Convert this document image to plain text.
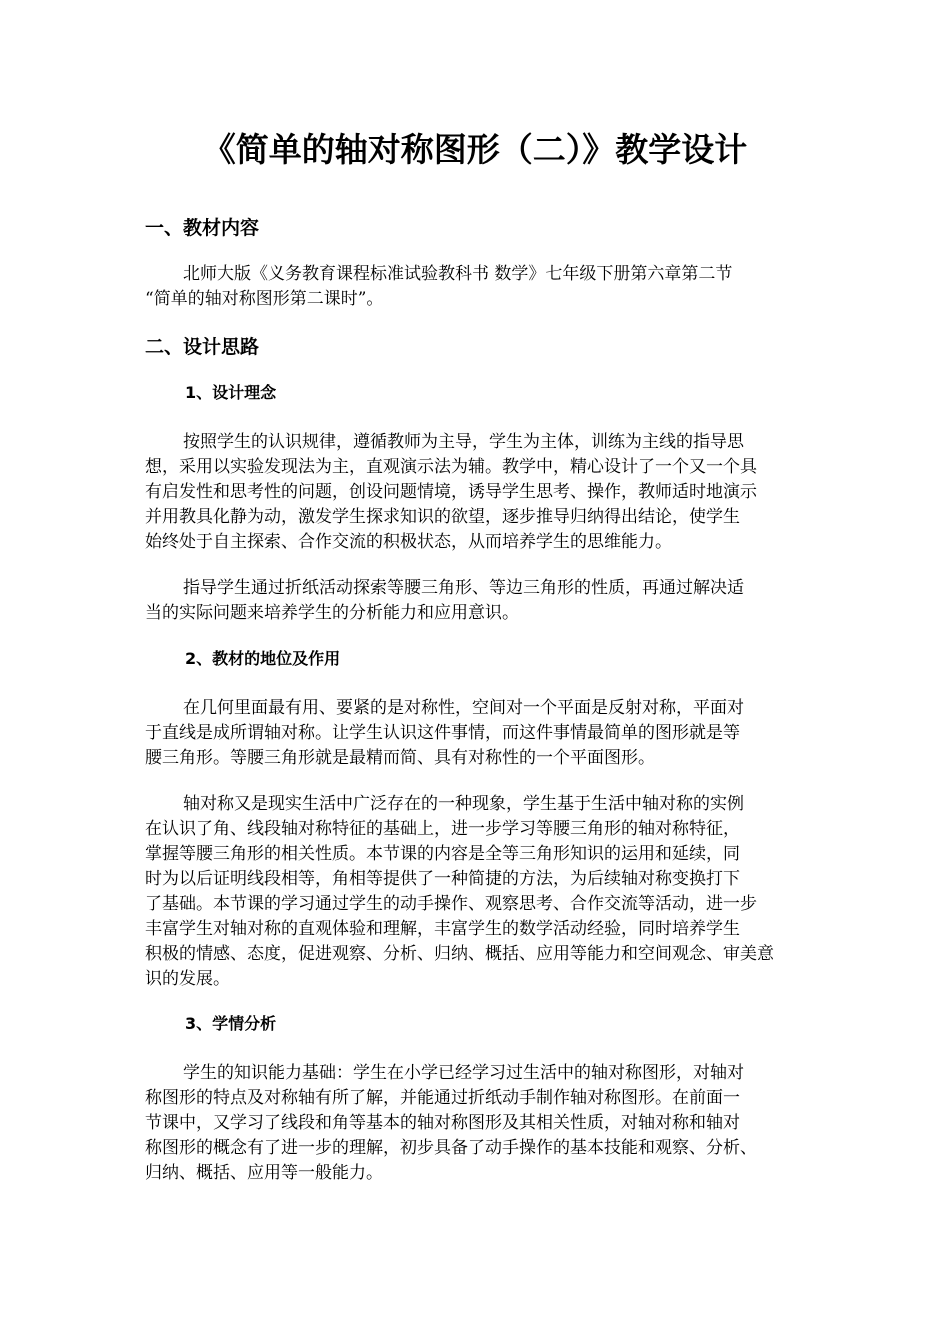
《简单的轴对称图形（二）》教学设计
一、教材内容
北师大版《义务教育课程标准试验教科书 数学》七年级下册第六章第二节
“简单的轴对称图形第二课时”。
二、设计思路
1、设计理念
按照学生的认识规律，遵循教师为主导，学生为主体，训练为主线的指导思
想，采用以实验发现法为主，直观演示法为辅。教学中，精心设计了一个又一个具
有启发性和思考性的问题，创设问题情境，诱导学生思考、操作，教师适时地演示
并用教具化静为动，激发学生探求知识的欲望，逐步推导归纳得出结论，使学生
始终处于自主探索、合作交流的积极状态，从而培养学生的思维能力。
指导学生通过折纸活动探索等腰三角形、等边三角形的性质，再通过解决适
当的实际问题来培养学生的分析能力和应用意识。
2、教材的地位及作用
在几何里面最有用、要紧的是对称性，空间对一个平面是反射对称，平面对
于直线是成所谓轴对称。让学生认识这件事情，而这件事情最简单的图形就是等
腰三角形。等腰三角形就是最精而简、具有对称性的一个平面图形。
轴对称又是现实生活中广泛存在的一种现象，学生基于生活中轴对称的实例
在认识了角、线段轴对称特征的基础上，进一步学习等腰三角形的轴对称特征，
掌握等腰三角形的相关性质。本节课的内容是全等三角形知识的运用和延续，同
时为以后证明线段相等，角相等提供了一种简捷的方法，为后续轴对称变换打下
了基础。本节课的学习通过学生的动手操作、观察思考、合作交流等活动，进一步
丰富学生对轴对称的直观体验和理解，丰富学生的数学活动经验，同时培养学生
积极的情感、态度，促进观察、分析、归纳、概括、应用等能力和空间观念、审美意
识的发展。
3、学情分析
学生的知识能力基础：学生在小学已经学习过生活中的轴对称图形，对轴对
称图形的特点及对称轴有所了解，并能通过折纸动手制作轴对称图形。在前面一
节课中，又学习了线段和角等基本的轴对称图形及其相关性质，对轴对称和轴对
称图形的概念有了进一步的理解，初步具备了动手操作的基本技能和观察、分析、
归纳、概括、应用等一般能力。
